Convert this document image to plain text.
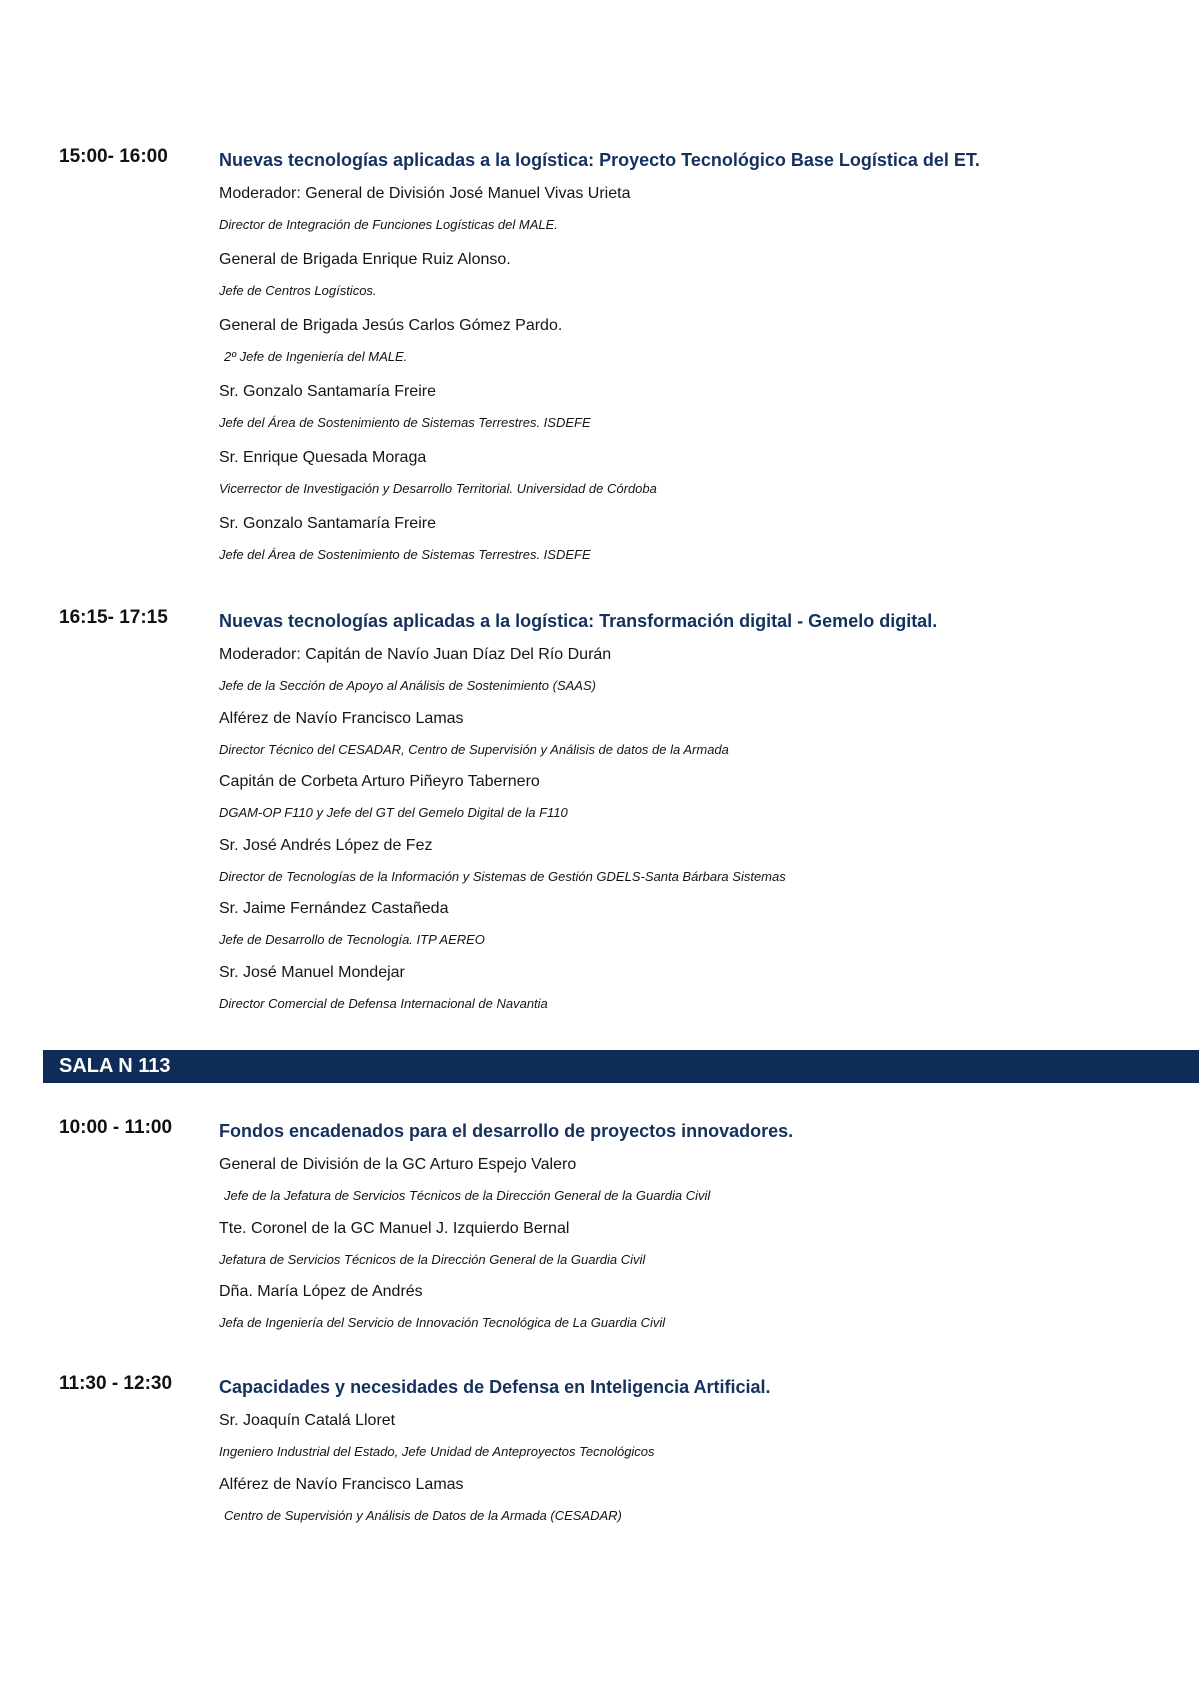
15:00- 16:00	Nuevas tecnologías aplicadas a la logística: Proyecto Tecnológico Base Logística del ET.
Moderador: General de División José Manuel Vivas Urieta
Director de Integración de Funciones Logísticas del MALE.
General de Brigada Enrique Ruiz Alonso.
Jefe de Centros Logísticos.
General de Brigada Jesús Carlos Gómez Pardo.
2º Jefe de Ingeniería del MALE.
Sr. Gonzalo Santamaría Freire
Jefe del Área de Sostenimiento de Sistemas Terrestres. ISDEFE
Sr. Enrique Quesada Moraga
Vicerrector de Investigación y Desarrollo Territorial. Universidad de Córdoba
Sr. Gonzalo Santamaría Freire
Jefe del Área de Sostenimiento de Sistemas Terrestres. ISDEFE
16:15- 17:15	Nuevas tecnologías aplicadas a la logística: Transformación digital - Gemelo digital.
Moderador: Capitán de Navío Juan Díaz Del Río Durán
Jefe de la Sección de Apoyo al Análisis de Sostenimiento (SAAS)
Alférez de Navío Francisco Lamas
Director Técnico del CESADAR, Centro de Supervisión y Análisis de datos de la Armada
Capitán de Corbeta Arturo Piñeyro Tabernero
DGAM-OP F110 y Jefe del GT del Gemelo Digital de la F110
Sr. José Andrés López de Fez
Director de Tecnologías de la Información y Sistemas de Gestión GDELS-Santa Bárbara Sistemas
Sr. Jaime Fernández Castañeda
Jefe de Desarrollo de Tecnología. ITP AEREO
Sr. José Manuel Mondejar
Director Comercial de Defensa Internacional de Navantia
SALA N 113
10:00 - 11:00	Fondos encadenados para el desarrollo de proyectos innovadores.
General de División de la GC Arturo Espejo Valero
Jefe de la Jefatura de Servicios Técnicos de la Dirección General de la Guardia Civil
Tte. Coronel de la GC Manuel J. Izquierdo Bernal
Jefatura de Servicios Técnicos de la Dirección General de la Guardia Civil
Dña. María López de Andrés
Jefa de Ingeniería del Servicio de Innovación Tecnológica de La Guardia Civil
11:30 - 12:30	Capacidades y necesidades de Defensa en Inteligencia Artificial.
Sr. Joaquín Catalá Lloret
Ingeniero Industrial del Estado, Jefe Unidad de Anteproyectos Tecnológicos
Alférez de Navío Francisco Lamas
Centro de Supervisión y Análisis de Datos de la Armada (CESADAR)
